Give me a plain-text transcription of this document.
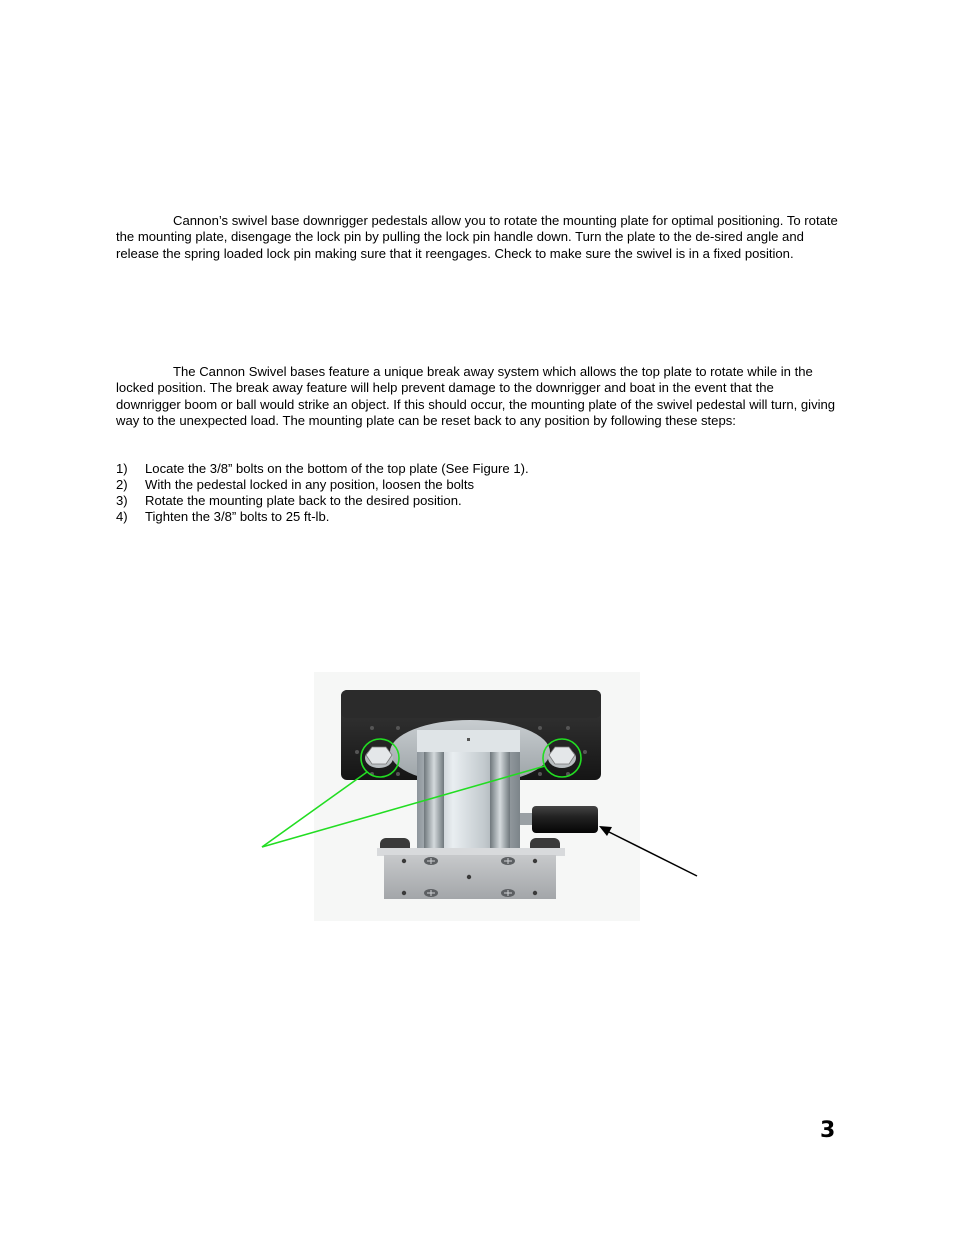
Cannon’s swivel base downrigger pedestals allow you to rotate the mounting plate for optimal positioning. To rotate the mounting plate, disengage the lock pin by pulling the lock pin handle down. Turn the plate to the de-sired angle and release the spring loaded lock pin making sure that it reengages. Check to make sure the swivel is in a fixed position.

The Cannon Swivel bases feature a unique break away system which allows the top plate to rotate while in the locked position. The break away feature will help prevent damage to the downrigger and boat in the event that the downrigger boom or ball would strike an object. If this should occur, the mounting plate of the swivel pedestal will turn, giving way to the unexpected load. The mounting plate can be reset back to any position by following these steps:

1) Locate the 3/8” bolts on the bottom of the top plate (See Figure 1).
2) With the pedestal locked in any position, loosen the bolts
3) Rotate the mounting plate back to the desired position.
4) Tighten the 3/8” bolts to 25 ft-lb.
3
